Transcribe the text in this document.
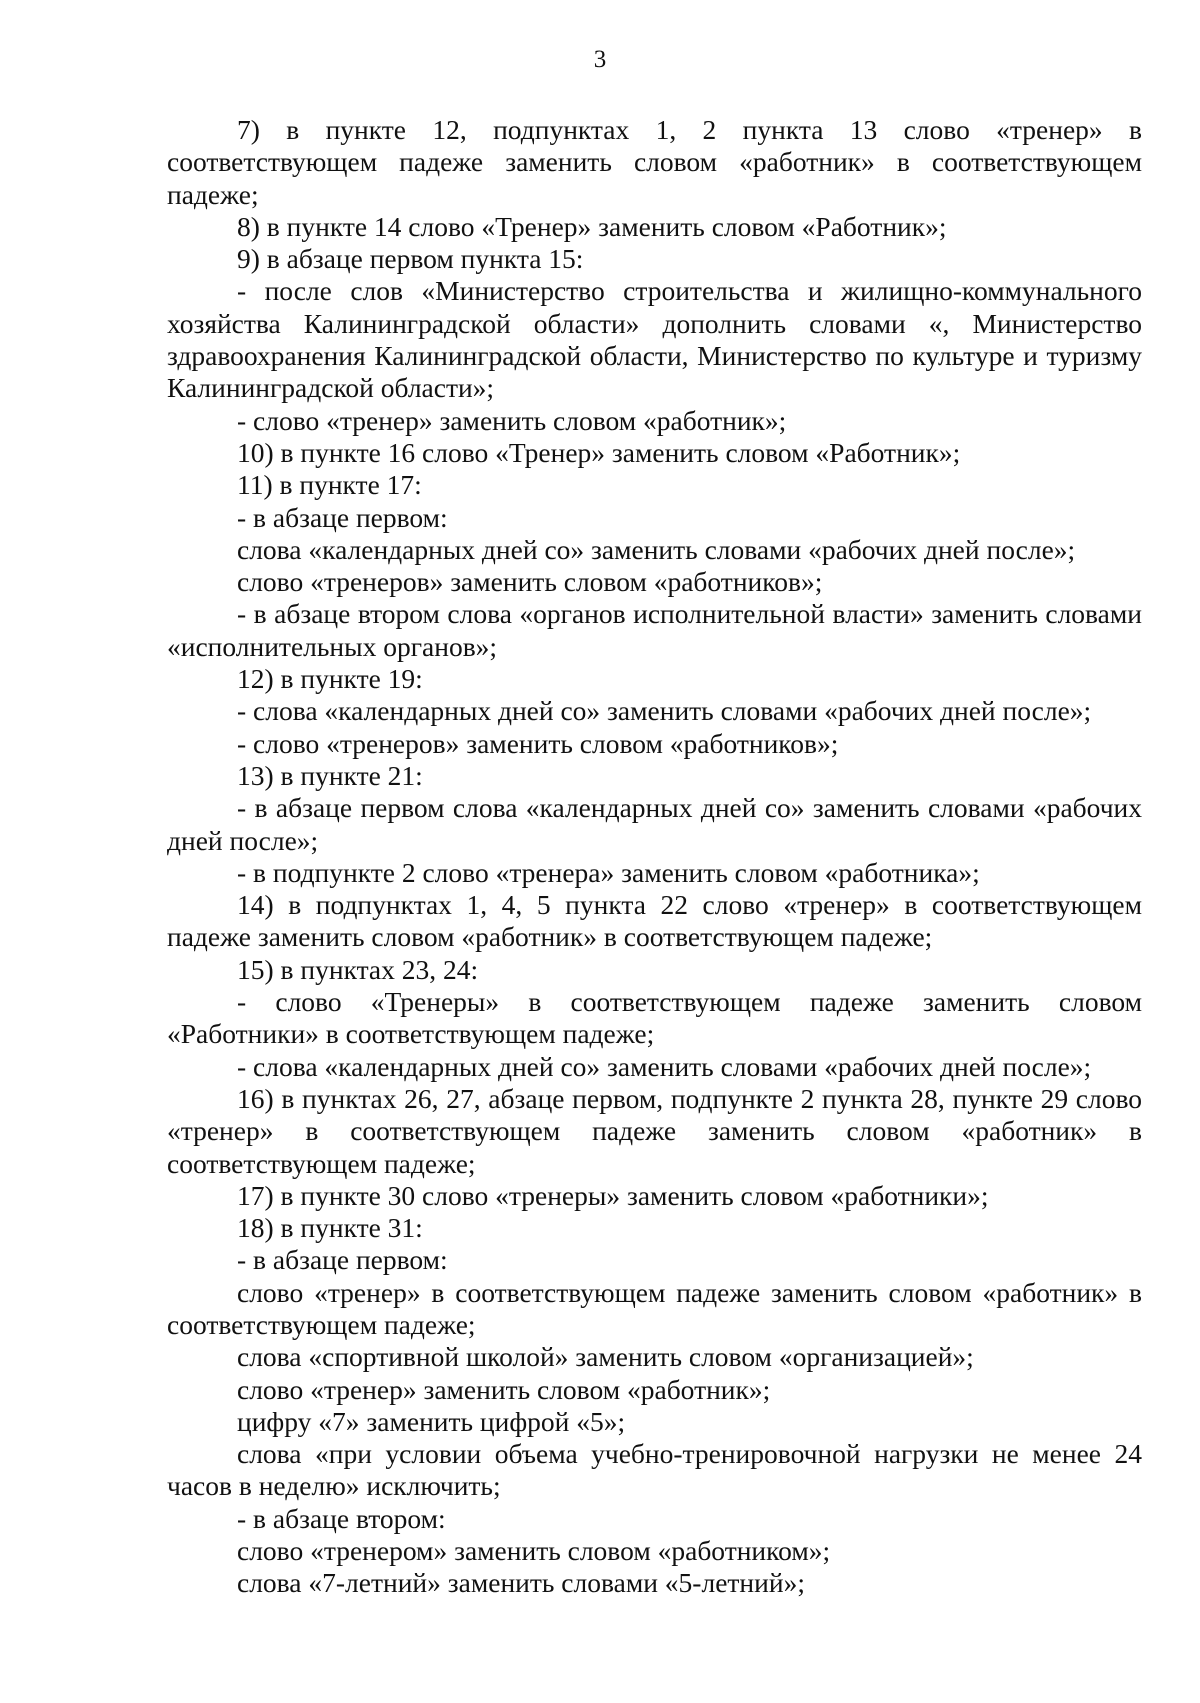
3

7) в пункте 12, подпунктах 1, 2 пункта 13 слово «тренер» в соответствующем падеже заменить словом «работник» в соответствующем падеже;

8) в пункте 14 слово «Тренер» заменить словом «Работник»;

9) в абзаце первом пункта 15:

- после слов «Министерство строительства и жилищно-коммунального хозяйства Калининградской области» дополнить словами «, Министерство здравоохранения Калининградской области, Министерство по культуре и туризму Калининградской области»;

- слово «тренер» заменить словом «работник»;

10) в пункте 16 слово «Тренер» заменить словом «Работник»;

11) в пункте 17:

- в абзаце первом:

слова «календарных дней со» заменить словами «рабочих дней после»;

слово «тренеров» заменить словом «работников»;

- в абзаце втором слова «органов исполнительной власти» заменить словами «исполнительных органов»;

12) в пункте 19:

- слова «календарных дней со» заменить словами «рабочих дней после»;

- слово «тренеров» заменить словом «работников»;

13) в пункте 21:

- в абзаце первом слова «календарных дней со» заменить словами «рабочих дней после»;

- в подпункте 2 слово «тренера» заменить словом «работника»;

14) в подпунктах 1, 4, 5 пункта 22 слово «тренер» в соответствующем падеже заменить словом «работник» в соответствующем падеже;

15) в пунктах 23, 24:

- слово «Тренеры» в соответствующем падеже заменить словом «Работники» в соответствующем падеже;

- слова «календарных дней со» заменить словами «рабочих дней после»;

16) в пунктах 26, 27, абзаце первом, подпункте 2 пункта 28, пункте 29 слово «тренер» в соответствующем падеже заменить словом «работник» в соответствующем падеже;

17) в пункте 30 слово «тренеры» заменить словом «работники»;

18) в пункте 31:

- в абзаце первом:

слово «тренер» в соответствующем падеже заменить словом «работник» в соответствующем падеже;

слова «спортивной школой» заменить словом «организацией»;

слово «тренер» заменить словом «работник»;

цифру «7» заменить цифрой «5»;

слова «при условии объема учебно-тренировочной нагрузки не менее 24 часов в неделю» исключить;

- в абзаце втором:

слово «тренером» заменить словом «работником»;

слова «7-летний» заменить словами «5-летний»;
